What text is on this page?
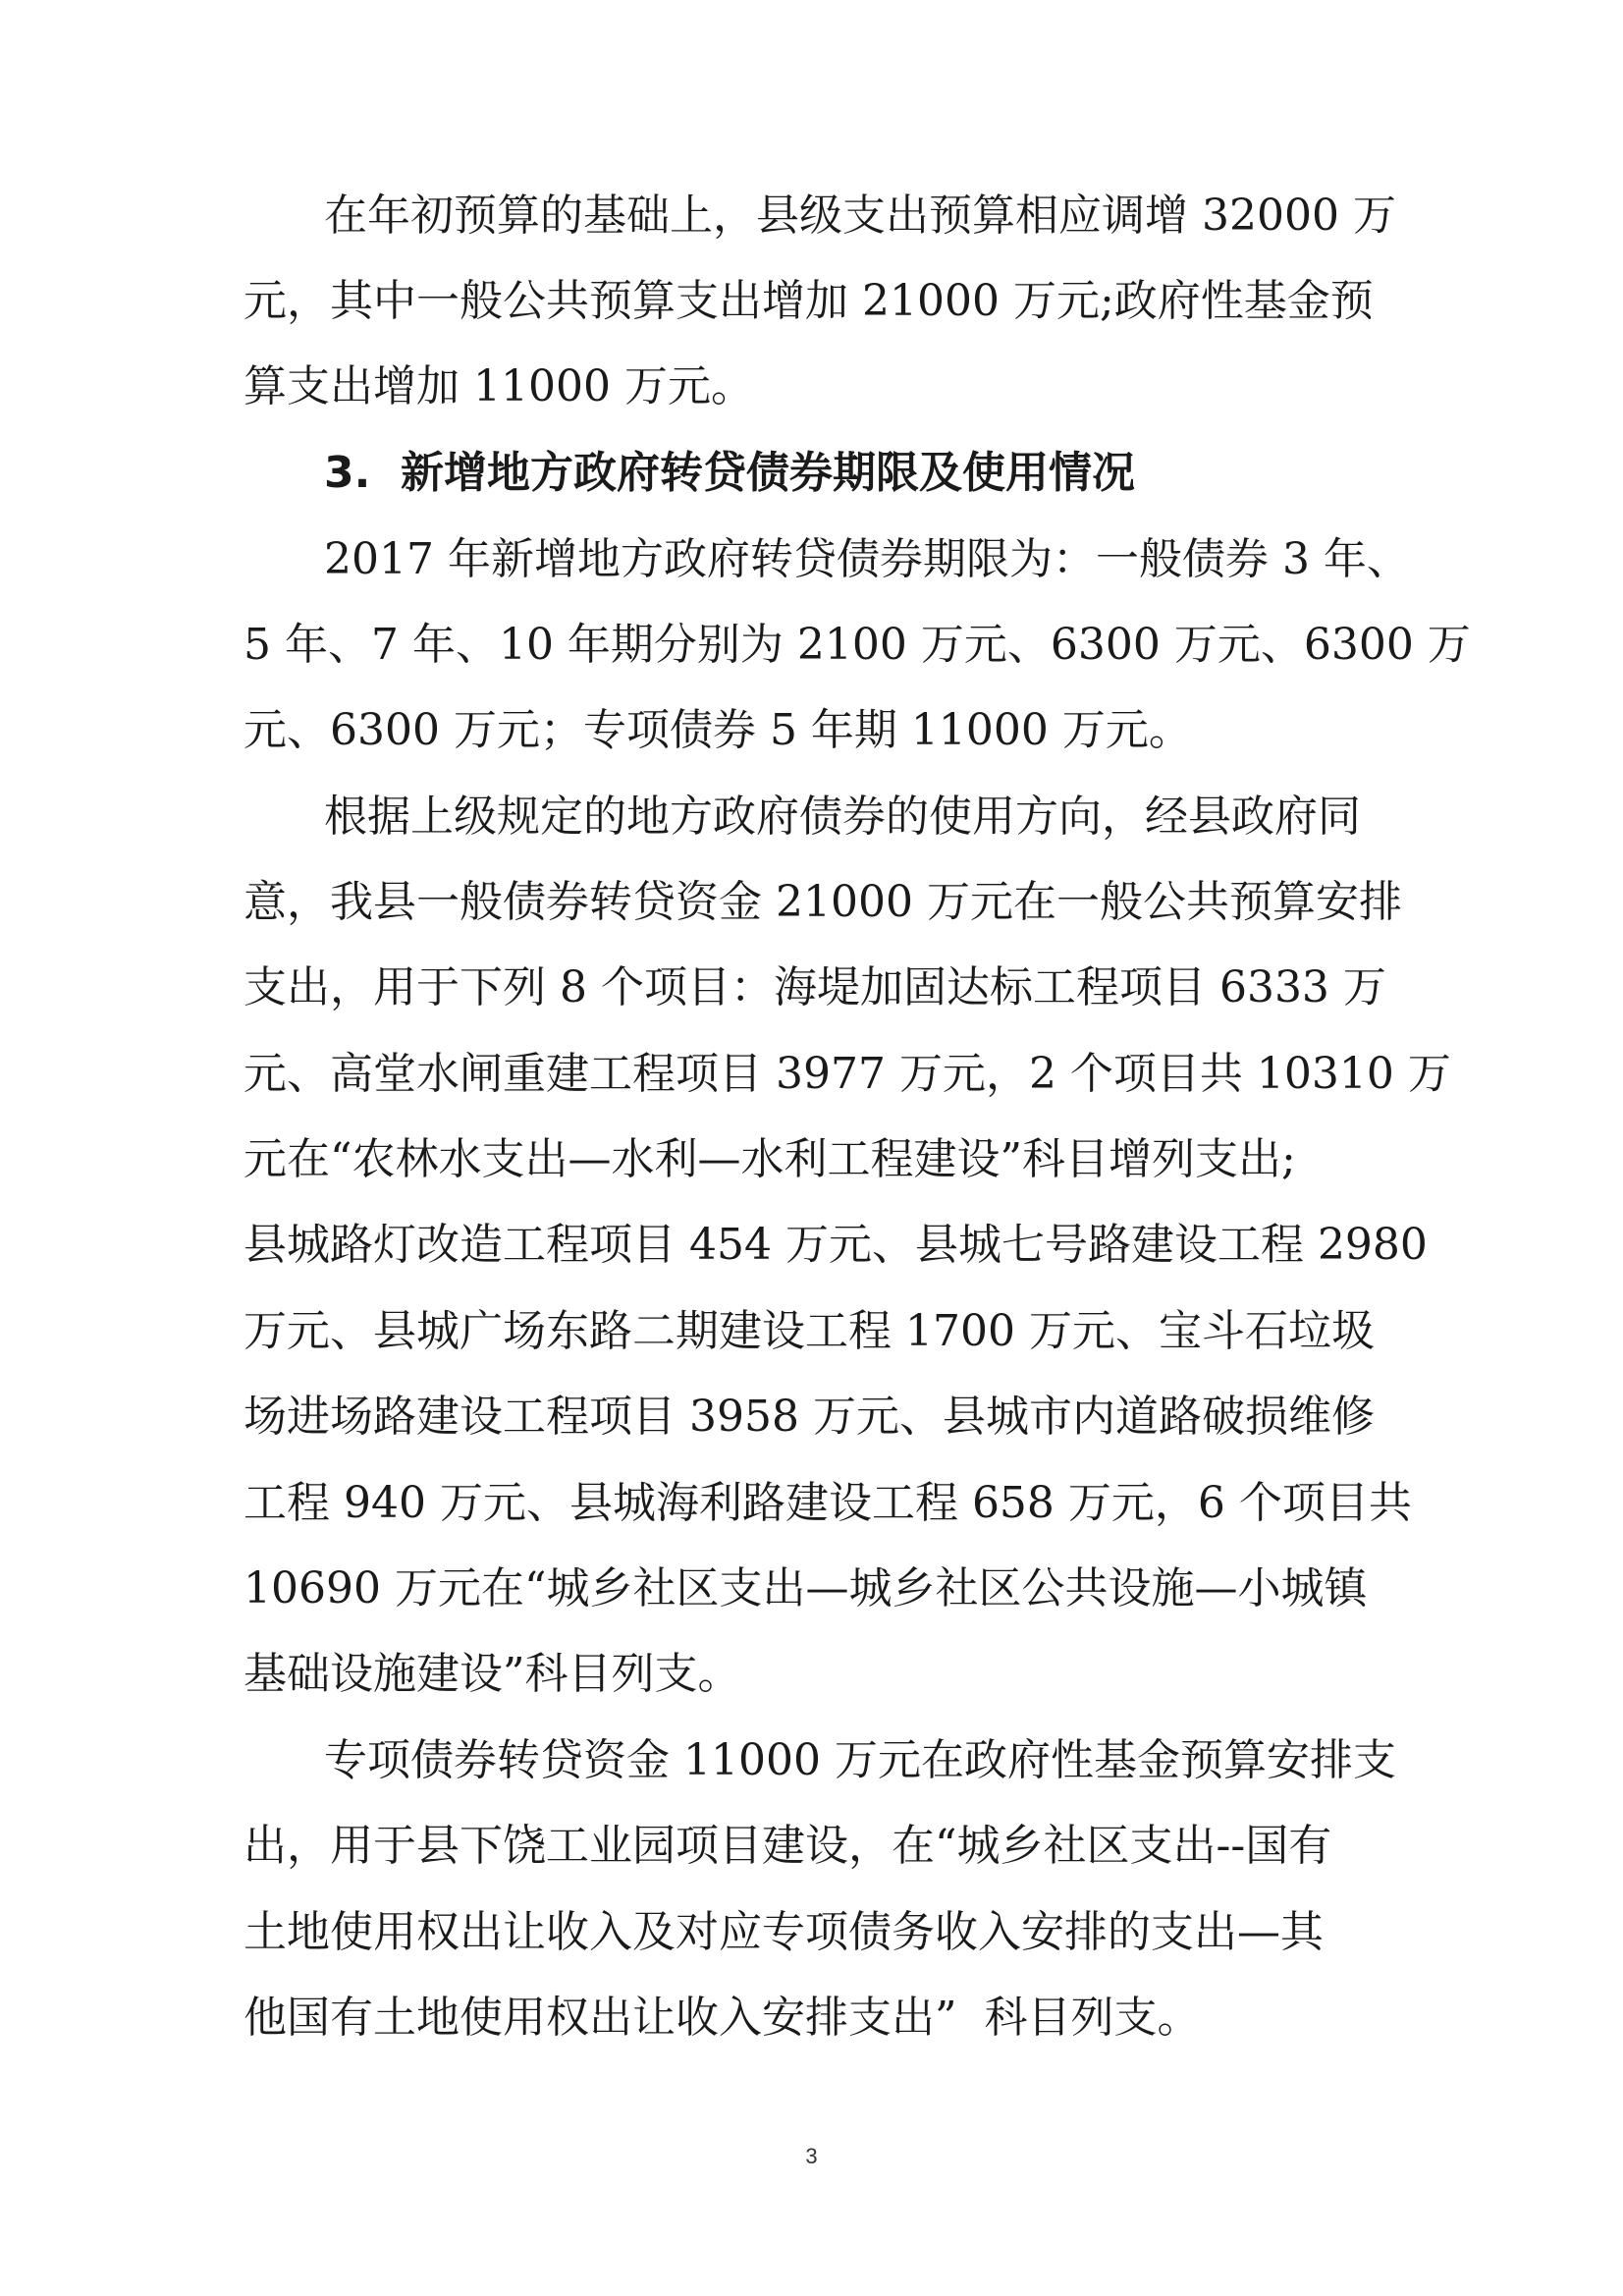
在年初预算的基础上，县级支出预算相应调增 32000 万

元，其中一般公共预算支出增加 21000 万元;政府性基金预

算支出增加 11000 万元。

3.  新增地方政府转贷债券期限及使用情况

2017 年新增地方政府转贷债券期限为：一般债券 3 年、

5 年、7 年、10 年期分别为 2100 万元、6300 万元、6300 万

元、6300 万元；专项债券 5 年期 11000 万元。

根据上级规定的地方政府债券的使用方向，经县政府同

意，我县一般债券转贷资金 21000 万元在一般公共预算安排

支出，用于下列 8 个项目：海堤加固达标工程项目 6333 万

元、高堂水闸重建工程项目 3977 万元，2 个项目共 10310 万

元在“农林水支出—水利—水利工程建设”科目增列支出;

县城路灯改造工程项目 454 万元、县城七号路建设工程 2980

万元、县城广场东路二期建设工程 1700 万元、宝斗石垃圾

场进场路建设工程项目 3958 万元、县城市内道路破损维修

工程 940 万元、县城海利路建设工程 658 万元，6 个项目共

10690 万元在“城乡社区支出—城乡社区公共设施—小城镇

基础设施建设”科目列支。

专项债券转贷资金 11000 万元在政府性基金预算安排支

出，用于县下饶工业园项目建设，在“城乡社区支出--国有

土地使用权出让收入及对应专项债务收入安排的支出—其

他国有土地使用权出让收入安排支出”  科目列支。

3
